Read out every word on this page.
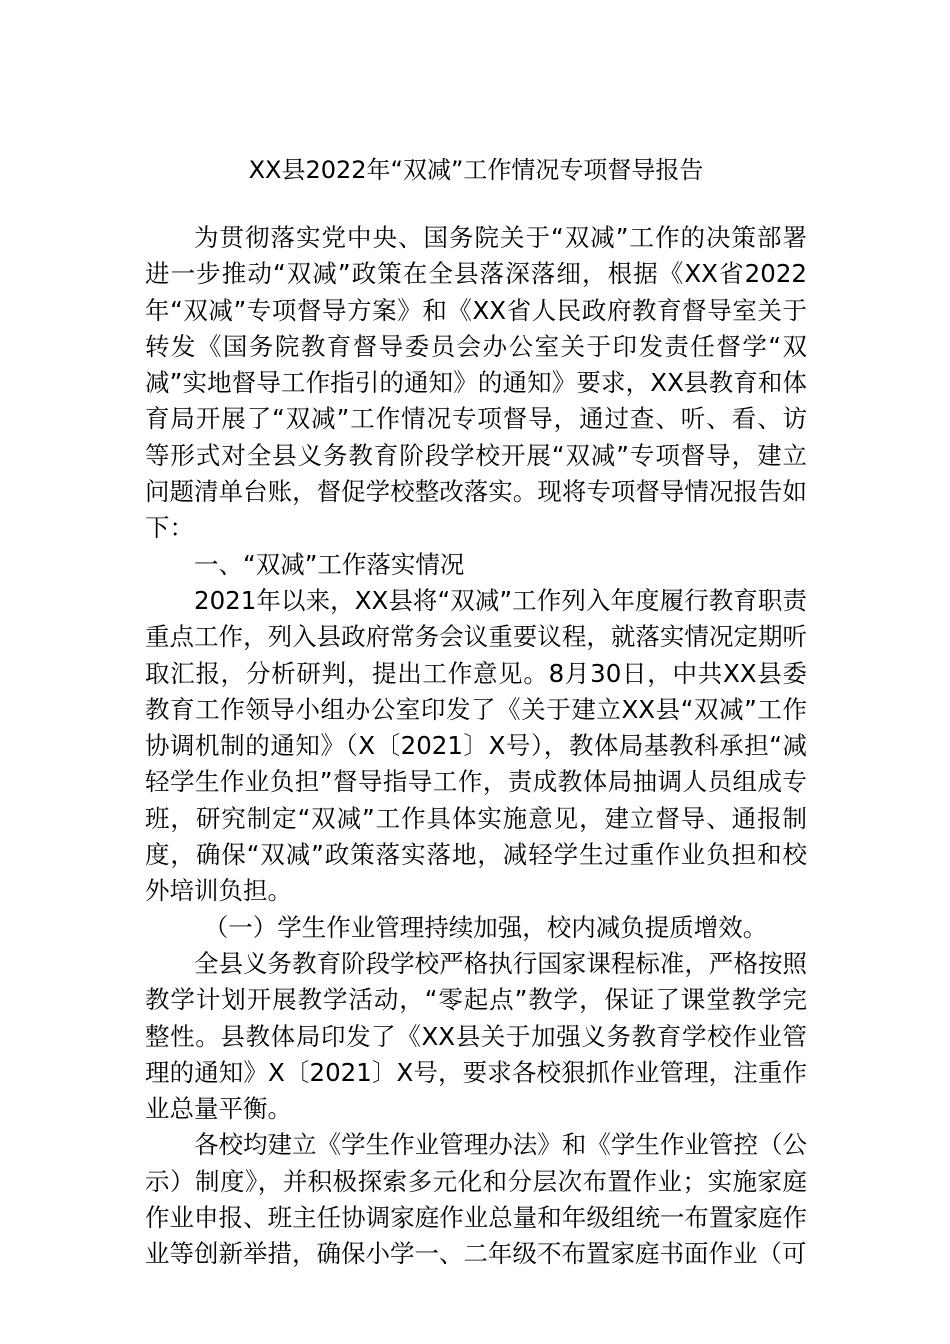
XX县2022年“双减”工作情况专项督导报告

为贯彻落实党中央、国务院关于“双减”工作的决策部署进一步推动“双减”政策在全县落深落细，根据《XX省2022年“双减”专项督导方案》和《XX省人民政府教育督导室关于转发《国务院教育督导委员会办公室关于印发责任督学“双减”实地督导工作指引的通知》的通知》要求，XX县教育和体育局开展了“双减”工作情况专项督导，通过查、听、看、访等形式对全县义务教育阶段学校开展“双减”专项督导，建立问题清单台账，督促学校整改落实。现将专项督导情况报告如下：

一、“双减”工作落实情况

2021年以来，XX县将“双减”工作列入年度履行教育职责重点工作，列入县政府常务会议重要议程，就落实情况定期听取汇报，分析研判，提出工作意见。8月30日，中共XX县委教育工作领导小组办公室印发了《关于建立XX县“双减”工作协调机制的通知》（X〔2021〕X号），教体局基教科承担“减轻学生作业负担”督导指导工作，责成教体局抽调人员组成专班，研究制定“双减”工作具体实施意见，建立督导、通报制度，确保“双减”政策落实落地，减轻学生过重作业负担和校外培训负担。

（一）学生作业管理持续加强，校内减负提质增效。

全县义务教育阶段学校严格执行国家课程标准，严格按照教学计划开展教学活动，“零起点”教学，保证了课堂教学完整性。县教体局印发了《XX县关于加强义务教育学校作业管理的通知》X〔2021〕X号，要求各校狠抓作业管理，注重作业总量平衡。

各校均建立《学生作业管理办法》和《学生作业管控（公示）制度》，并积极探索多元化和分层次布置作业；实施家庭作业申报、班主任协调家庭作业总量和年级组统一布置家庭作业等创新举措，确保小学一、二年级不布置家庭书面作业（可
